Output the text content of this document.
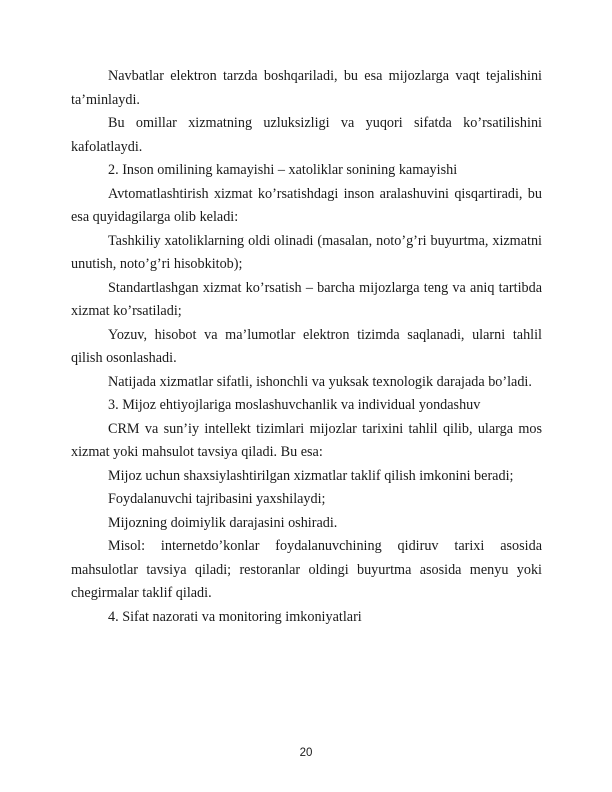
Navbatlar elektron tarzda boshqariladi, bu esa mijozlarga vaqt tejalishini ta’minlaydi.

Bu omillar xizmatning uzluksizligi va yuqori sifatda ko’rsatilishini kafolatlaydi.

2. Inson omilining kamayishi – xatoliklar sonining kamayishi

Avtomatlashtirish xizmat ko’rsatishdagi inson aralashuvini qisqartiradi, bu esa quyidagilarga olib keladi:

Tashkiliy xatoliklarning oldi olinadi (masalan, noto’g’ri buyurtma, xizmatni unutish, noto’g’ri hisobkitob);

Standartlashgan xizmat ko’rsatish – barcha mijozlarga teng va aniq tartibda xizmat ko’rsatiladi;

Yozuv, hisobot va ma’lumotlar elektron tizimda saqlanadi, ularni tahlil qilish osonlashadi.

Natijada xizmatlar sifatli, ishonchli va yuksak texnologik darajada bo’ladi.

3. Mijoz ehtiyojlariga moslashuvchanlik va individual yondashuv

CRM va sun’iy intellekt tizimlari mijozlar tarixini tahlil qilib, ularga mos xizmat yoki mahsulot tavsiya qiladi. Bu esa:

Mijoz uchun shaxsiylashtirilgan xizmatlar taklif qilish imkonini beradi;

Foydalanuvchi tajribasini yaxshilaydi;

Mijozning doimiylik darajasini oshiradi.

Misol: internetdo’konlar foydalanuvchining qidiruv tarixi asosida mahsulotlar tavsiya qiladi; restoranlar oldingi buyurtma asosida menyu yoki chegirmalar taklif qiladi.

4. Sifat nazorati va monitoring imkoniyatlari

20
